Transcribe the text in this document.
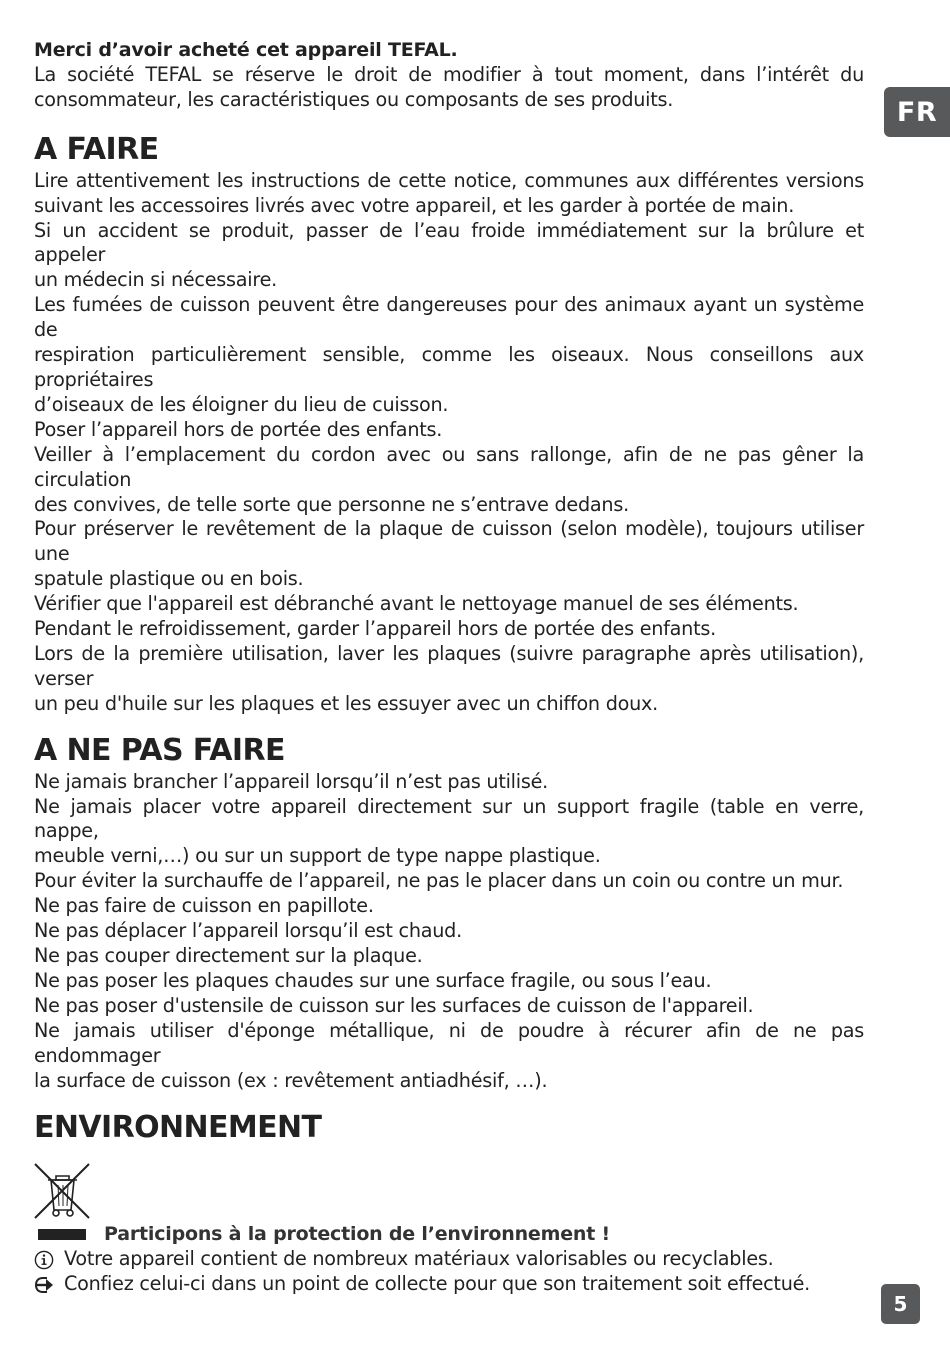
Merci d’avoir acheté cet appareil TEFAL.

La société TEFAL se réserve le droit de modifier à tout moment, dans l’intérêt du

consommateur, les caractéristiques ou composants de ses produits.

A FAIRE

Lire attentivement les instructions de cette notice, communes aux différentes versions

suivant les accessoires livrés avec votre appareil, et les garder à portée de main.

Si un accident se produit, passer de l’eau froide immédiatement sur la brûlure et appeler

un médecin si nécessaire.

Les fumées de cuisson peuvent être dangereuses pour des animaux ayant un système de

respiration particulièrement sensible, comme les oiseaux. Nous conseillons aux propriétaires

d’oiseaux de les éloigner du lieu de cuisson.

Poser l’appareil hors de portée des enfants.

Veiller à l’emplacement du cordon avec ou sans rallonge, afin de ne pas gêner la circulation

des convives, de telle sorte que personne ne s’entrave dedans.

Pour préserver le revêtement de la plaque de cuisson (selon modèle), toujours utiliser une

spatule plastique ou en bois.

Vérifier que l'appareil est débranché avant le nettoyage manuel de ses éléments.

Pendant le refroidissement, garder l’appareil hors de portée des enfants.

Lors de la première utilisation, laver les plaques (suivre paragraphe après utilisation), verser

un peu d'huile sur les plaques et les essuyer avec un chiffon doux.

A NE PAS FAIRE

Ne jamais brancher l’appareil lorsqu’il n’est pas utilisé.

Ne jamais placer votre appareil directement sur un support fragile (table en verre, nappe,

meuble verni,…) ou sur un support de type nappe plastique.

Pour éviter la surchauffe de l’appareil, ne pas le placer dans un coin ou contre un mur.

Ne pas faire de cuisson en papillote.

Ne pas déplacer l’appareil lorsqu’il est chaud.

Ne pas couper directement sur la plaque.

Ne pas poser les plaques chaudes sur une surface fragile, ou sous l’eau.

Ne pas poser d'ustensile de cuisson sur les surfaces de cuisson de l'appareil.

Ne jamais utiliser d'éponge métallique, ni de poudre à récurer afin de ne pas endommager

la surface de cuisson (ex : revêtement antiadhésif, …).

ENVIRONNEMENT
Participons à la protection de l’environnement !

Votre appareil contient de nombreux matériaux valorisables ou recyclables.

Confiez celui-ci dans un point de collecte pour que son traitement soit effectué.

FR
5
